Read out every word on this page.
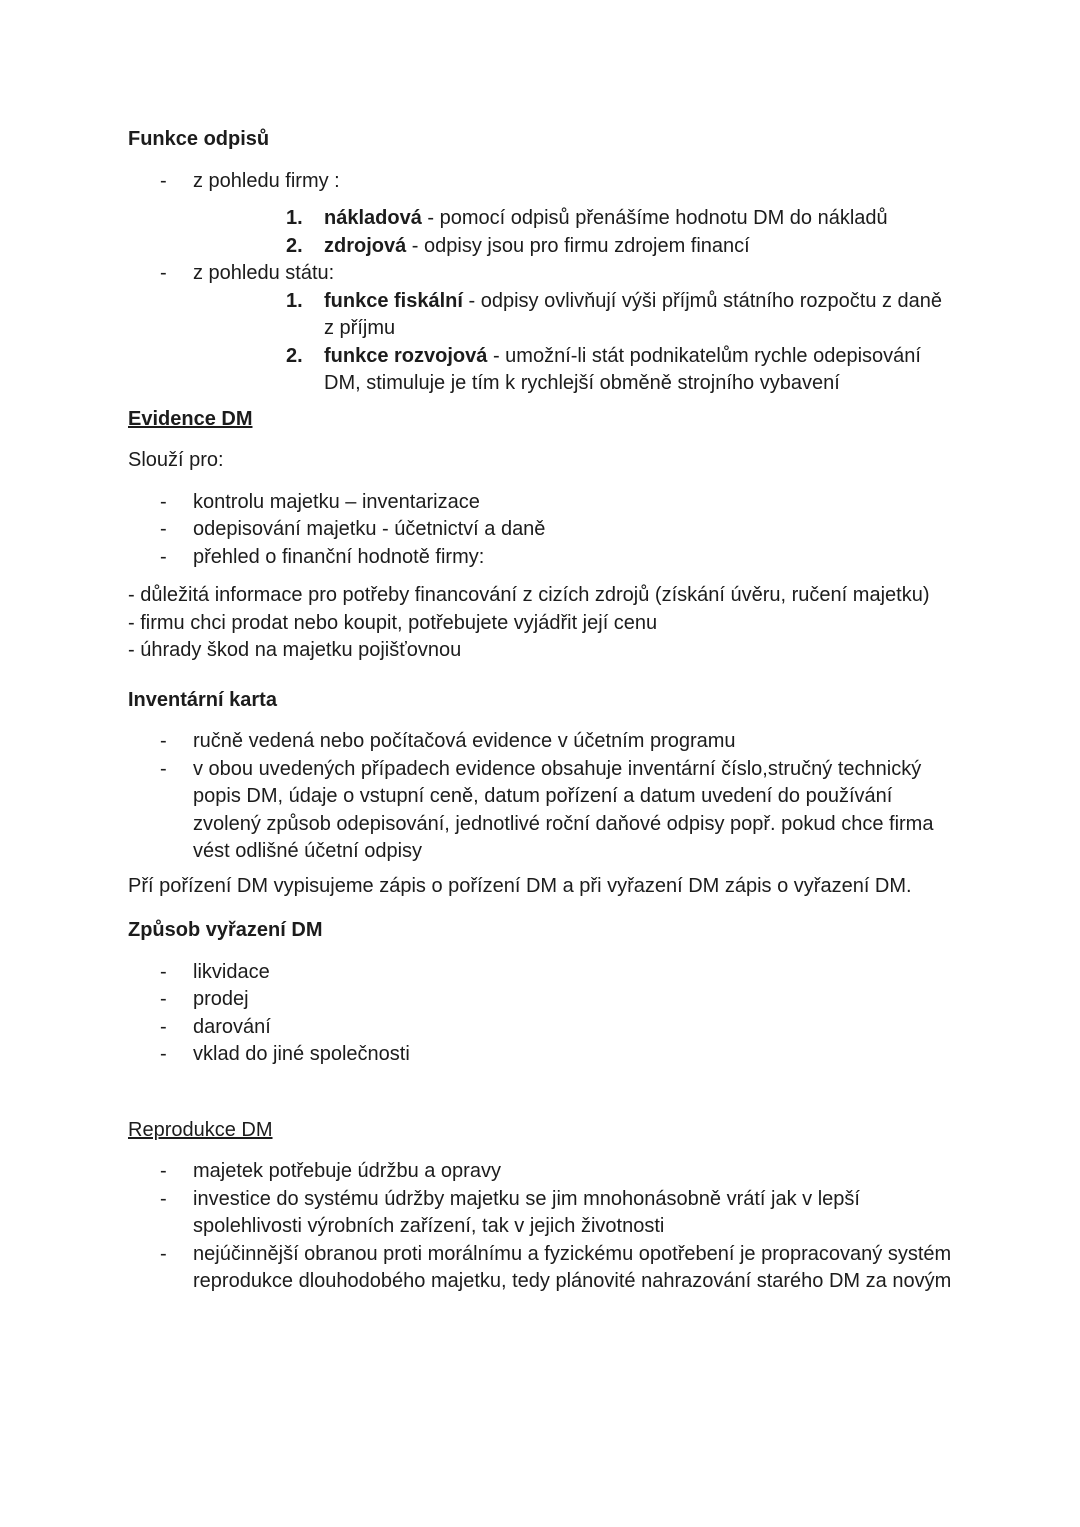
Funkce odpisů
- z pohledu firmy :
1. nákladová - pomocí odpisů přenášíme hodnotu DM do nákladů
2. zdrojová - odpisy jsou pro firmu zdrojem financí
- z pohledu státu:
1. funkce fiskální - odpisy ovlivňují výši příjmů státního rozpočtu z daně z příjmu
2. funkce rozvojová - umožní-li stát podnikatelům rychle odepisování DM, stimuluje je tím k rychlejší obměně strojního vybavení
Evidence DM

Slouží pro:

- kontrolu majetku – inventarizace
- odepisování majetku - účetnictví a daně
- přehled o finanční hodnotě firmy:

- důležitá informace pro potřeby financování z cizích zdrojů (získání úvěru, ručení majetku)

- firmu chci prodat nebo koupit, potřebujete vyjádřit její cenu

- úhrady škod na majetku pojišťovnou

Inventární karta
- ručně vedená nebo počítačová evidence v účetním programu
- v obou uvedených případech evidence obsahuje inventární číslo,stručný technický popis DM, údaje o vstupní ceně, datum pořízení a datum uvedení do používání zvolený způsob odepisování, jednotlivé roční daňové odpisy popř. pokud chce firma vést odlišné účetní odpisy

Pří pořízení DM vypisujeme zápis o pořízení DM a při vyřazení DM zápis o vyřazení DM.

Způsob vyřazení DM
- likvidace
- prodej
- darování
- vklad do jiné společnosti
Reprodukce DM
- majetek potřebuje údržbu a opravy
- investice do systému údržby majetku se jim mnohonásobně vrátí jak v lepší spolehlivosti výrobních zařízení, tak v jejich životnosti
- nejúčinnější obranou proti morálnímu a fyzickému opotřebení je propracovaný systém reprodukce dlouhodobého majetku, tedy plánovité nahrazování starého DM za novým
